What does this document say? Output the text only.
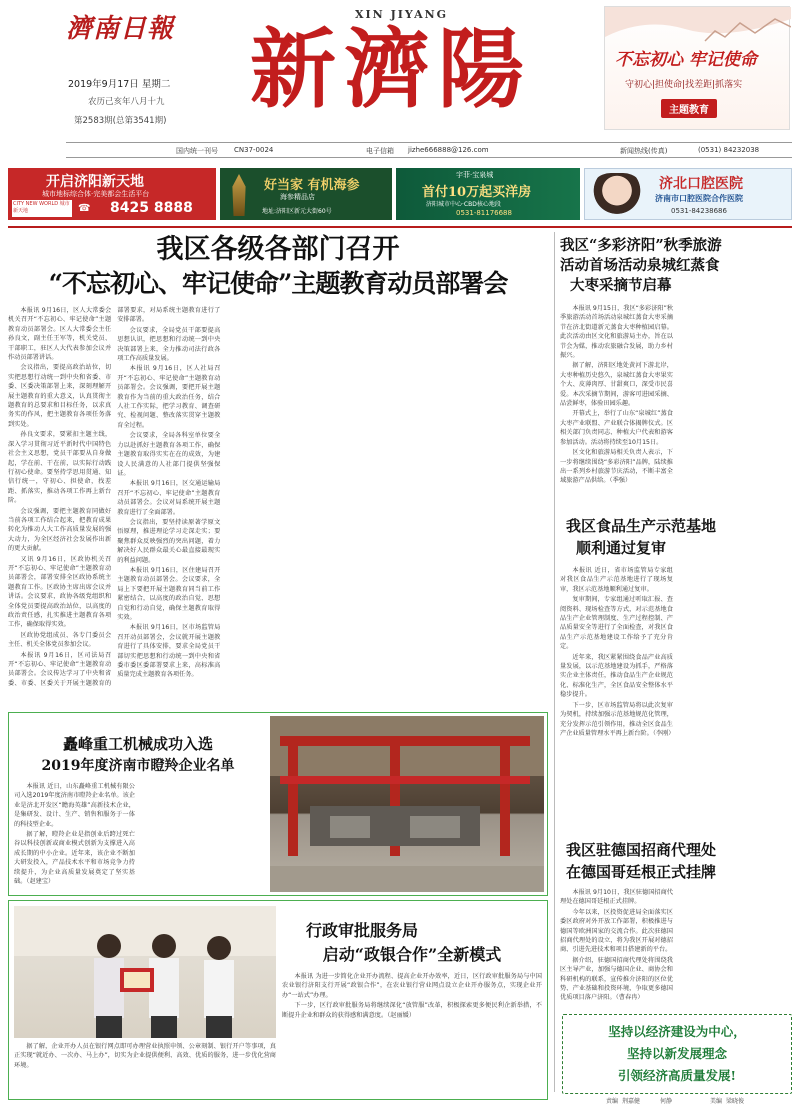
濟南日報
2019年9月17日 星期二
农历己亥年八月十九
第2583期(总第3541期)
XIN JIYANG
新濟陽	不忘初心 牢记使命
守初心|担使命|找差距|抓落实
主题教育
国内统一刊号 CN37-0024	电子信箱 jizhe666888@126.com	新闻热线(传真)	(0531) 84232038
开启济阳新天地
城市地标综合体·完美都会生活平台
CITY NEW WORLD 城市新天地	☎ 8425 8888
好当家 有机海参
海参精品店
地址:济阳区新元大街60号
宇菲·宝泉城
首付10万起买洋房
济阳城市中心·CBD核心地段
0531-81176688
济北口腔医院
济南市口腔医院合作医院
0531-84238686
我区各级各部门召开
“不忘初心、牢记使命”主题教育动员部署会

本报讯 9月16日，区人大常委会机关召开“不忘初心、牢记使命”主题教育动员部署会。区人大常委会主任孙良文，副主任王军等，机关党员、干部职工，驻区人大代表参加会议并作动员部署讲话。

会议指出，要提高政治站位，切实把思想行动统一到中央和省委、市委、区委决策部署上来，深刻理解开展主题教育的重大意义，认真贯彻主题教育的总要求和目标任务，以求真务实的作风，把主题教育各项任务落到实处。

孙良文要求，要紧扣主题主线，深入学习贯彻习近平新时代中国特色社会主义思想，党员干部要从自身做起，学在前、干在前，以实际行动践行初心使命。要坚持学思用贯通、知信行统一，守初心、担使命，找差距、抓落实，推动各项工作再上新台阶。

会议强调，要把主题教育同做好当前各项工作结合起来，把教育成果转化为推动人大工作高质量发展的强大动力，为全区经济社会发展作出新的更大贡献。

又讯 9月16日，区政协机关召开“不忘初心、牢记使命”主题教育动员部署会，部署安排全区政协系统主题教育工作。区政协主席出席会议并讲话。会议要求，政协各级党组织和全体党员要提高政治站位，以高度的政治责任感，扎实推进主题教育各项工作，确保取得实效。

区政协党组成员、各专门委员会主任、机关全体党员参加会议。

本报讯 9月16日，区司法局召开“不忘初心、牢记使命”主题教育动员部署会。会议传达学习了中央和省委、市委、区委关于开展主题教育的部署要求，对局系统主题教育进行了安排部署。

会议要求，全局党员干部要提高思想认识，把思想和行动统一到中央决策部署上来，全力推动司法行政各项工作高质量发展。

本报讯 9月16日，区人社局召开“不忘初心、牢记使命”主题教育动员部署会。会议强调，要把开展主题教育作为当前的重大政治任务，结合人社工作实际，把学习教育、调查研究、检视问题、整改落实贯穿主题教育全过程。

会议要求，全局各科室单位要全力以赴抓好主题教育各项工作，确保主题教育取得实实在在的成效，为建设人民满意的人社部门提供坚强保证。

本报讯 9月16日，区交通运输局召开“不忘初心、牢记使命”主题教育动员部署会。会议对局系统开展主题教育进行了全面部署。

会议指出，要坚持读原著学原文悟原理，推进理论学习走深走实；要聚焦群众反映强烈的突出问题，着力解决好人民群众最关心最直接最现实的利益问题。

本报讯 9月16日，区住建局召开主题教育动员部署会。会议要求，全局上下要把开展主题教育同当前工作紧密结合，以高度的政治自觉、思想自觉和行动自觉，确保主题教育取得实效。

本报讯 9月16日，区市场监管局召开动员部署会，会议就开展主题教育进行了具体安排，要求全局党员干部切实把思想和行动统一到中央和省委市委区委部署要求上来，高标准高质量完成主题教育各项任务。

矗峰重工机械成功入选
2019年度济南市瞪羚企业名单

本报讯 近日，山东矗峰重工机械有限公司入选2019年度济南市瞪羚企业名单。该企业是济北开发区“瞻海英雄”高新技术企业，是集研发、设计、生产、销售和服务于一体的科技型企业。

据了解，瞪羚企业是指创业后跨过死亡谷以科技创新或商业模式创新为支撑进入高成长期的中小企业。近年来，该企业不断加大研发投入，产品技术水平和市场竞争力持续提升，为企业高质量发展奠定了坚实基础。（赵建宝）

据了解，企业开办人员在银行网点即可办理营业执照申领、公章刻制、银行开户等事项，真正实现“就近办、一次办、马上办”，切实为企业提供便利、高效、优质的服务，进一步优化营商环境。

行政审批服务局
启动“政银合作”全新模式

本报讯 为进一步简化企业开办流程、提高企业开办效率，近日，区行政审批服务局与中国农业银行济阳支行开展“政银合作”，在农业银行营业网点设立企业开办服务点，实现企业开办“一站式”办理。

下一步，区行政审批服务局将继续深化“放管服”改革，积极探索更多便民利企新举措，不断提升企业和群众的获得感和满意度。（赵丽媛）

我区“多彩济阳”秋季旅游
活动首场活动泉城红蒸食
大枣采摘节启幕

本报讯 9月15日，我区“多彩济阳”秋季旅游活动首场活动泉城红蒸食大枣采摘节在济北街道新元蒸食大枣种植园启幕。此次活动由区文化和旅游局主办，旨在以节会为媒，推动农旅融合发展，助力乡村振兴。

据了解，济阳区地处黄河下游北岸，大枣种植历史悠久，泉城红蒸食大枣果实个大、皮薄肉厚、甘甜爽口，深受市民喜爱。本次采摘节期间，游客可进园采摘、品尝鲜枣，体验田园乐趣。

开幕式上，举行了山东“泉城红”蒸食大枣产业联盟、产业联合体揭牌仪式。区相关部门负责同志、种植大户代表和游客参加活动。活动将持续至10月15日。

区文化和旅游局相关负责人表示，下一步将继续围绕“多彩济阳”品牌，陆续推出一系列乡村旅游节庆活动，不断丰富全域旅游产品供给。（季强）

我区食品生产示范基地
顺利通过复审

本报讯 近日，省市场监管局专家组对我区食品生产示范基地进行了现场复审，我区示范基地顺利通过复审。

复审期间，专家组通过听取汇报、查阅资料、现场检查等方式，对示范基地食品生产企业管理制度、生产过程控制、产品质量安全等进行了全面检查，对我区食品生产示范基地建设工作给予了充分肯定。

近年来，我区紧紧围绕食品产业高质量发展，以示范基地建设为抓手，严格落实企业主体责任，推动食品生产企业规范化、标准化生产，全区食品安全整体水平稳步提升。

下一步，区市场监管局将以此次复审为契机，持续加强示范基地规范化管理，充分发挥示范引领作用，推动全区食品生产企业质量管理水平再上新台阶。（李刚）

我区驻德国招商代理处
在德国哥廷根正式挂牌

本报讯 9月10日，我区驻德国招商代理处在德国哥廷根正式挂牌。

今年以来，区投资促进局全面落实区委区政府对外开放工作部署，积极推进与德国等欧洲国家的交流合作。此次驻德国招商代理处的设立，将为我区开展对德招商、引进先进技术和项目搭建新的平台。

据介绍，驻德国招商代理处将围绕我区主导产业，加强与德国企业、商协会和科研机构的联系，宣传推介济阳的区位优势、产业基础和投资环境，争取更多德国优质项目落户济阳。（曹春冉）

坚持以经济建设为中心，
坚持以新发展理念
引领经济高质量发展!
责编 荆嘉健	何静	美编 梁晓俊
